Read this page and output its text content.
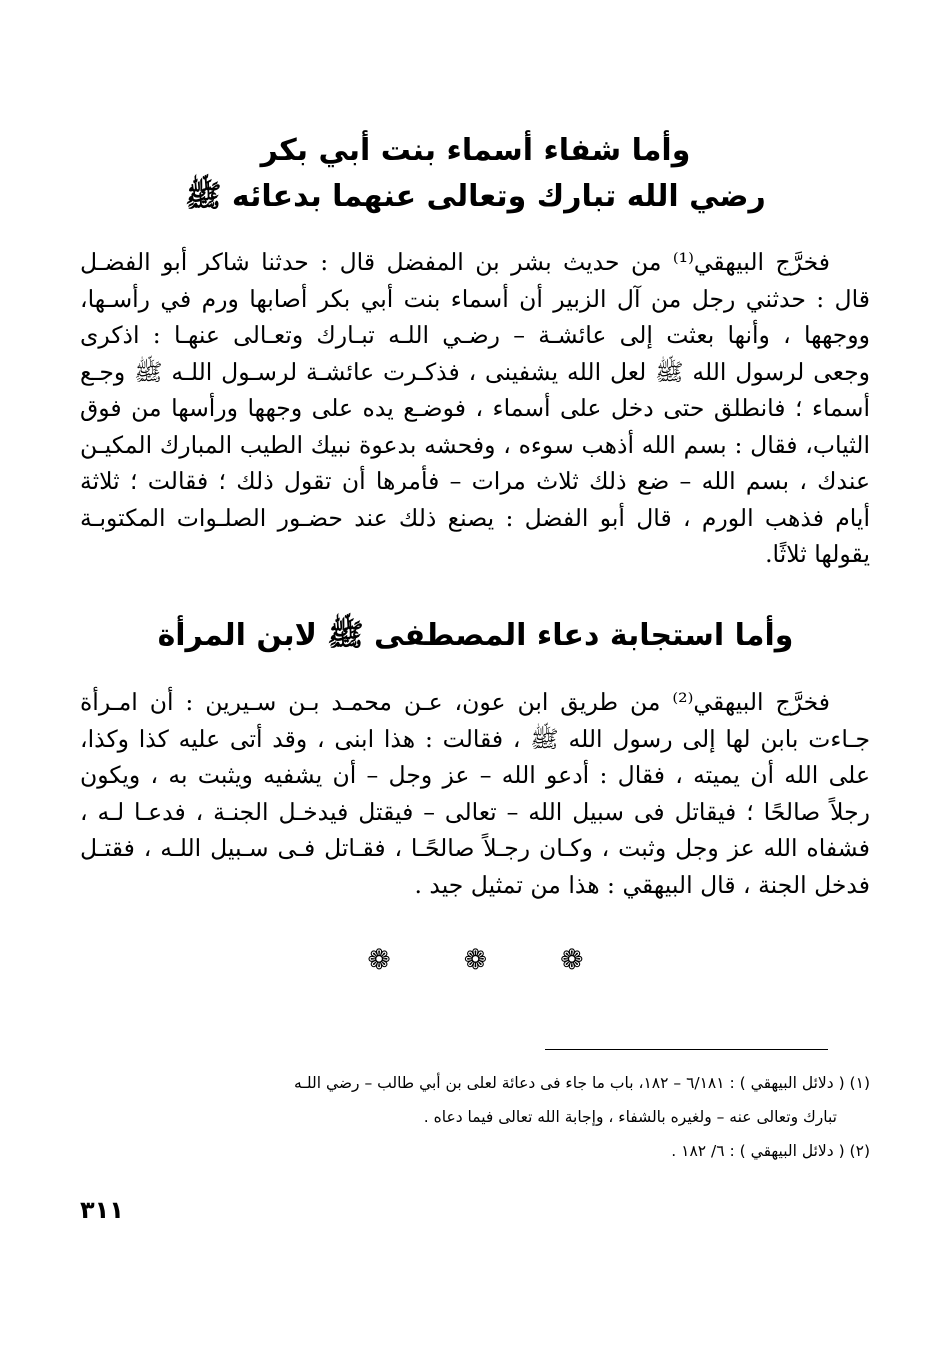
وأما شفاء أسماء بنت أبي بكر
رضي الله تبارك وتعالى عنهما بدعائه ﷺ
فخرَّج البيهقي⁽¹⁾ من حديث بشر بن المفضل قال : حدثنا شاكر أبو الفضـل
قال : حدثني رجل من آل الزبير أن أسماء بنت أبي بكر أصابها ورم في رأسـها،
ووجهها ، وأنها بعثت إلى عائشـة – رضـي اللـه تبـارك وتعـالى عنهـا : اذكرى
وجعى لرسول الله ﷺ لعل الله يشفينى ، فذكـرت عائشـة لرسـول اللـه ﷺ وجـع
أسماء ؛ فانطلق حتى دخل على أسماء ، فوضـع يده على وجهها ورأسها من فوق
الثياب، فقال : بسم الله أذهب سوءه ، وفحشه بدعوة نبيك الطيب المبارك المكيـن
عندك ، بسم الله – ضع ذلك ثلاث مرات – فأمرها أن تقول ذلك ؛ فقالت ؛ ثلاثة
أيام فذهب الورم ، قال أبو الفضل : يصنع ذلك عند حضـور الصلـوات المكتوبـة
يقولها ثلاثًا.
وأما استجابة دعاء المصطفى ﷺ لابن المرأة
فخرَّج البيهقي⁽²⁾ من طريق ابن عون، عـن محمـد بـن سـيرين : أن امـرأة
جـاءت بابن لها إلى رسول الله ﷺ ، فقالت : هذا ابنى ، وقد أتى عليه كذا وكذا،
على الله أن يميته ، فقال : أدعو الله – عز وجل – أن يشفيه ويثبت به ، ويكون
رجلاً صالحًا ؛ فيقاتل فى سبيل الله – تعالى – فيقتل فيدخـل الجنـة ، فدعـا لـه ،
فشفاه الله عز وجل وثبت ، وكـان رجـلاً صالحًـا ، فقـاتل فـى سـبيل اللـه ، فقتـل
فدخل الجنة ، قال البيهقي : هذا من تمثيل جيد .
❁ ❁ ❁
(١) ( دلائل البيهقي ) : ٦/١٨١ – ١٨٢، باب ما جاء فى دعائة لعلى بن أبي طالب – رضي اللـه
تبارك وتعالى عنه – ولغيره بالشفاء ، وإجابة الله تعالى فيما دعاه .
(٢) ( دلائل البيهقي ) : ٦/ ١٨٢ .
٣١١
